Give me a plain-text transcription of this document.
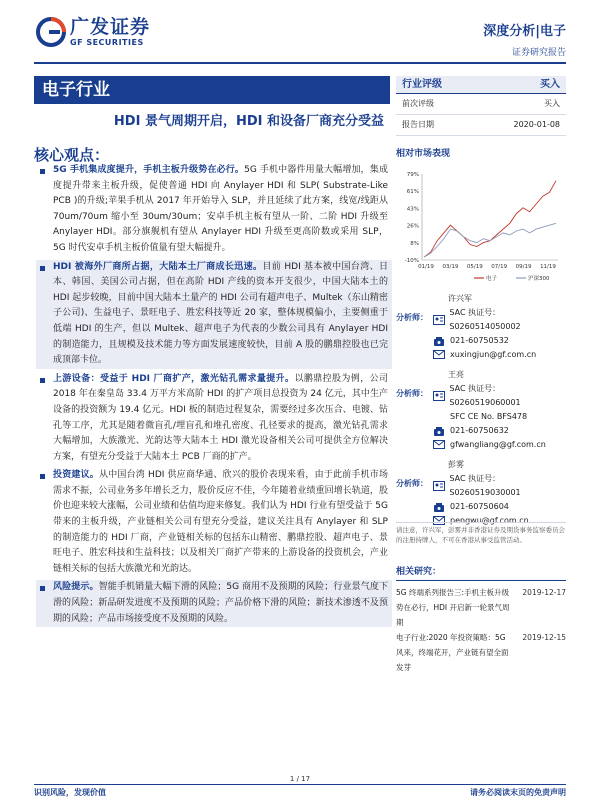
广发证券
GF SECURITIES
深度分析|电子
证券研究报告
电子行业
HDI 景气周期开启，HDI 和设备厂商充分受益
核心观点：
5G 手机集成度提升，手机主板升级势在必行。5G 手机中器件用量大幅增加，集成度提升带来主板升级，促使普通 HDI 向 Anylayer HDI 和 SLP( Substrate-Like PCB )的升级;苹果手机从 2017 年开始导入 SLP，并且延续了此方案，线宽/线距从 70um/70um 缩小至 30um/30um；安卓手机主板有望从一阶、二阶 HDI 升级至 Anylayer HDI。部分旗舰机有望从 Anylayer HDI 升级至更高阶数或采用 SLP，5G 时代安卓手机主板价值量有望大幅提升。
HDI 被海外厂商所占据，大陆本土厂商成长迅速。目前 HDI 基本被中国台湾、日本、韩国、美国公司占据，但在高阶 HDI 产线的资本开支很少，中国大陆本土的 HDI 起步较晚，目前中国大陆本土量产的 HDI 公司有超声电子、Multek（东山精密子公司)、生益电子、景旺电子、胜宏科技等近 20 家，整体规模偏小，主要侧重于低端 HDI 的生产，但以 Multek、超声电子为代表的少数公司具有 Anylayer HDI 的制造能力，且规模及技术能力等方面发展速度较快，目前 A 股的鹏鼎控股也已完成顶部卡位。
上游设备：受益于 HDI 厂商扩产，激光钻孔需求量提升。以鹏鼎控股为例，公司 2018 年在秦皇岛 33.4 万平方米高阶 HDI 的扩产项目总投资为 24 亿元，其中生产设备的投资额为 19.4 亿元。HDI 板的制造过程复杂，需要经过多次压合、电镀、钻孔等工序，尤其是随着微盲孔/埋盲孔和堆孔密度、孔径要求的提高，激光钻孔需求大幅增加，大族激光、光韵达等大陆本土 HDI 激光设备相关公司可提供全方位解决方案，有望充分受益于大陆本土 PCB 厂商的扩产。
投资建议。从中国台湾 HDI 供应商华通、欣兴的股价表现来看，由于此前手机市场需求不振，公司业务多年增长乏力，股价反应不佳，今年随着业绩重回增长轨道，股价也迎来较大涨幅，公司业绩和估值均迎来修复。我们认为 HDI 行业有望受益于 5G 带来的主板升级，产业链相关公司有望充分受益，建议关注具有 Anylayer 和 SLP 的制造能力的 HDI 厂商，产业链相关标的包括东山精密、鹏鼎控股、超声电子、景旺电子、胜宏科技和生益科技；以及相关厂商扩产带来的上游设备的投资机会，产业链相关标的包括大族激光和光韵达。
风险提示。智能手机销量大幅下滑的风险；5G 商用不及预期的风险；行业景气度下滑的风险；新品研发进度不及预期的风险；产品价格下滑的风险；新技术渗透不及预期的风险；产品市场接受度不及预期的风险。
行业评级	买入
前次评级	买入
报告日期	2020-01-08
相对市场表现
-10%
8%
26%
43%
61%
79%
01/19 03/19 05/19 07/19 09/19 11/19
电子	沪深300
分析师：
许兴军
SAC 执证号：S0260514050002
021-60750532
xuxingjun@gf.com.cn
分析师：
王亮
SAC 执证号：S0260519060001
SFC CE No. BFS478
021-60750632
gfwangliang@gf.com.cn
分析师：
彭雾
SAC 执证号：S0260519030001
021-60750604
pengwu@gf.com.cn
请注意，许兴军，彭雾并非香港证券及期货事务监察委员会的注册持牌人，不可在香港从事受监管活动。
相关研究：
5G 终端系列报告三:手机主板升级势在必行，HDI 开启新一轮景气周期
2019-12-17
电子行业:2020 年投资策略：5G 风来，终端花开，产业链有望全面发芽
2019-12-15
1 / 17
识别风险，发现价值	请务必阅读末页的免责声明
